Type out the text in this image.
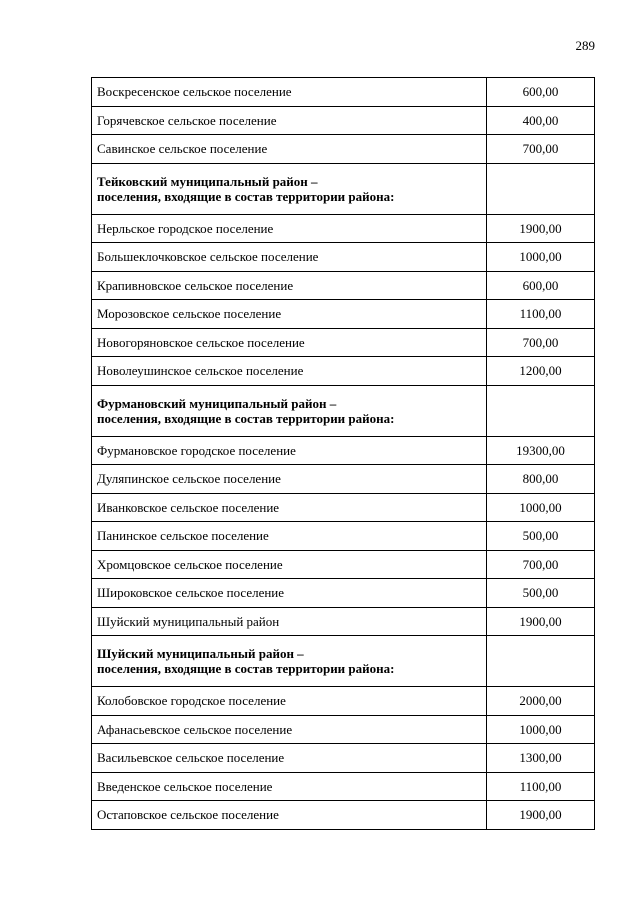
289
Воскресенское сельское поселение	600,00
Горячевское сельское поселение	400,00
Савинское сельское поселение	700,00

Тейковский муниципальный район –
поселения, входящие в состав территории района:	

Нерльское городское поселение	1900,00
Большеклочковское сельское поселение	1000,00
Крапивновское сельское поселение	600,00
Морозовское сельское поселение	1100,00
Новогоряновское сельское поселение	700,00
Новолеушинское сельское поселение	1200,00

Фурмановский муниципальный район –
поселения, входящие в состав территории района:	

Фурмановское городское поселение	19300,00
Дуляпинское сельское поселение	800,00
Иванковское сельское поселение	1000,00
Панинское сельское поселение	500,00
Хромцовское сельское поселение	700,00
Широковское сельское поселение	500,00
Шуйский муниципальный район	1900,00

Шуйский муниципальный район –
поселения, входящие в состав территории района:	

Колобовское городское поселение	2000,00
Афанасьевское сельское поселение	1000,00
Васильевское сельское поселение	1300,00
Введенское сельское поселение	1100,00
Остаповское сельское поселение	1900,00
